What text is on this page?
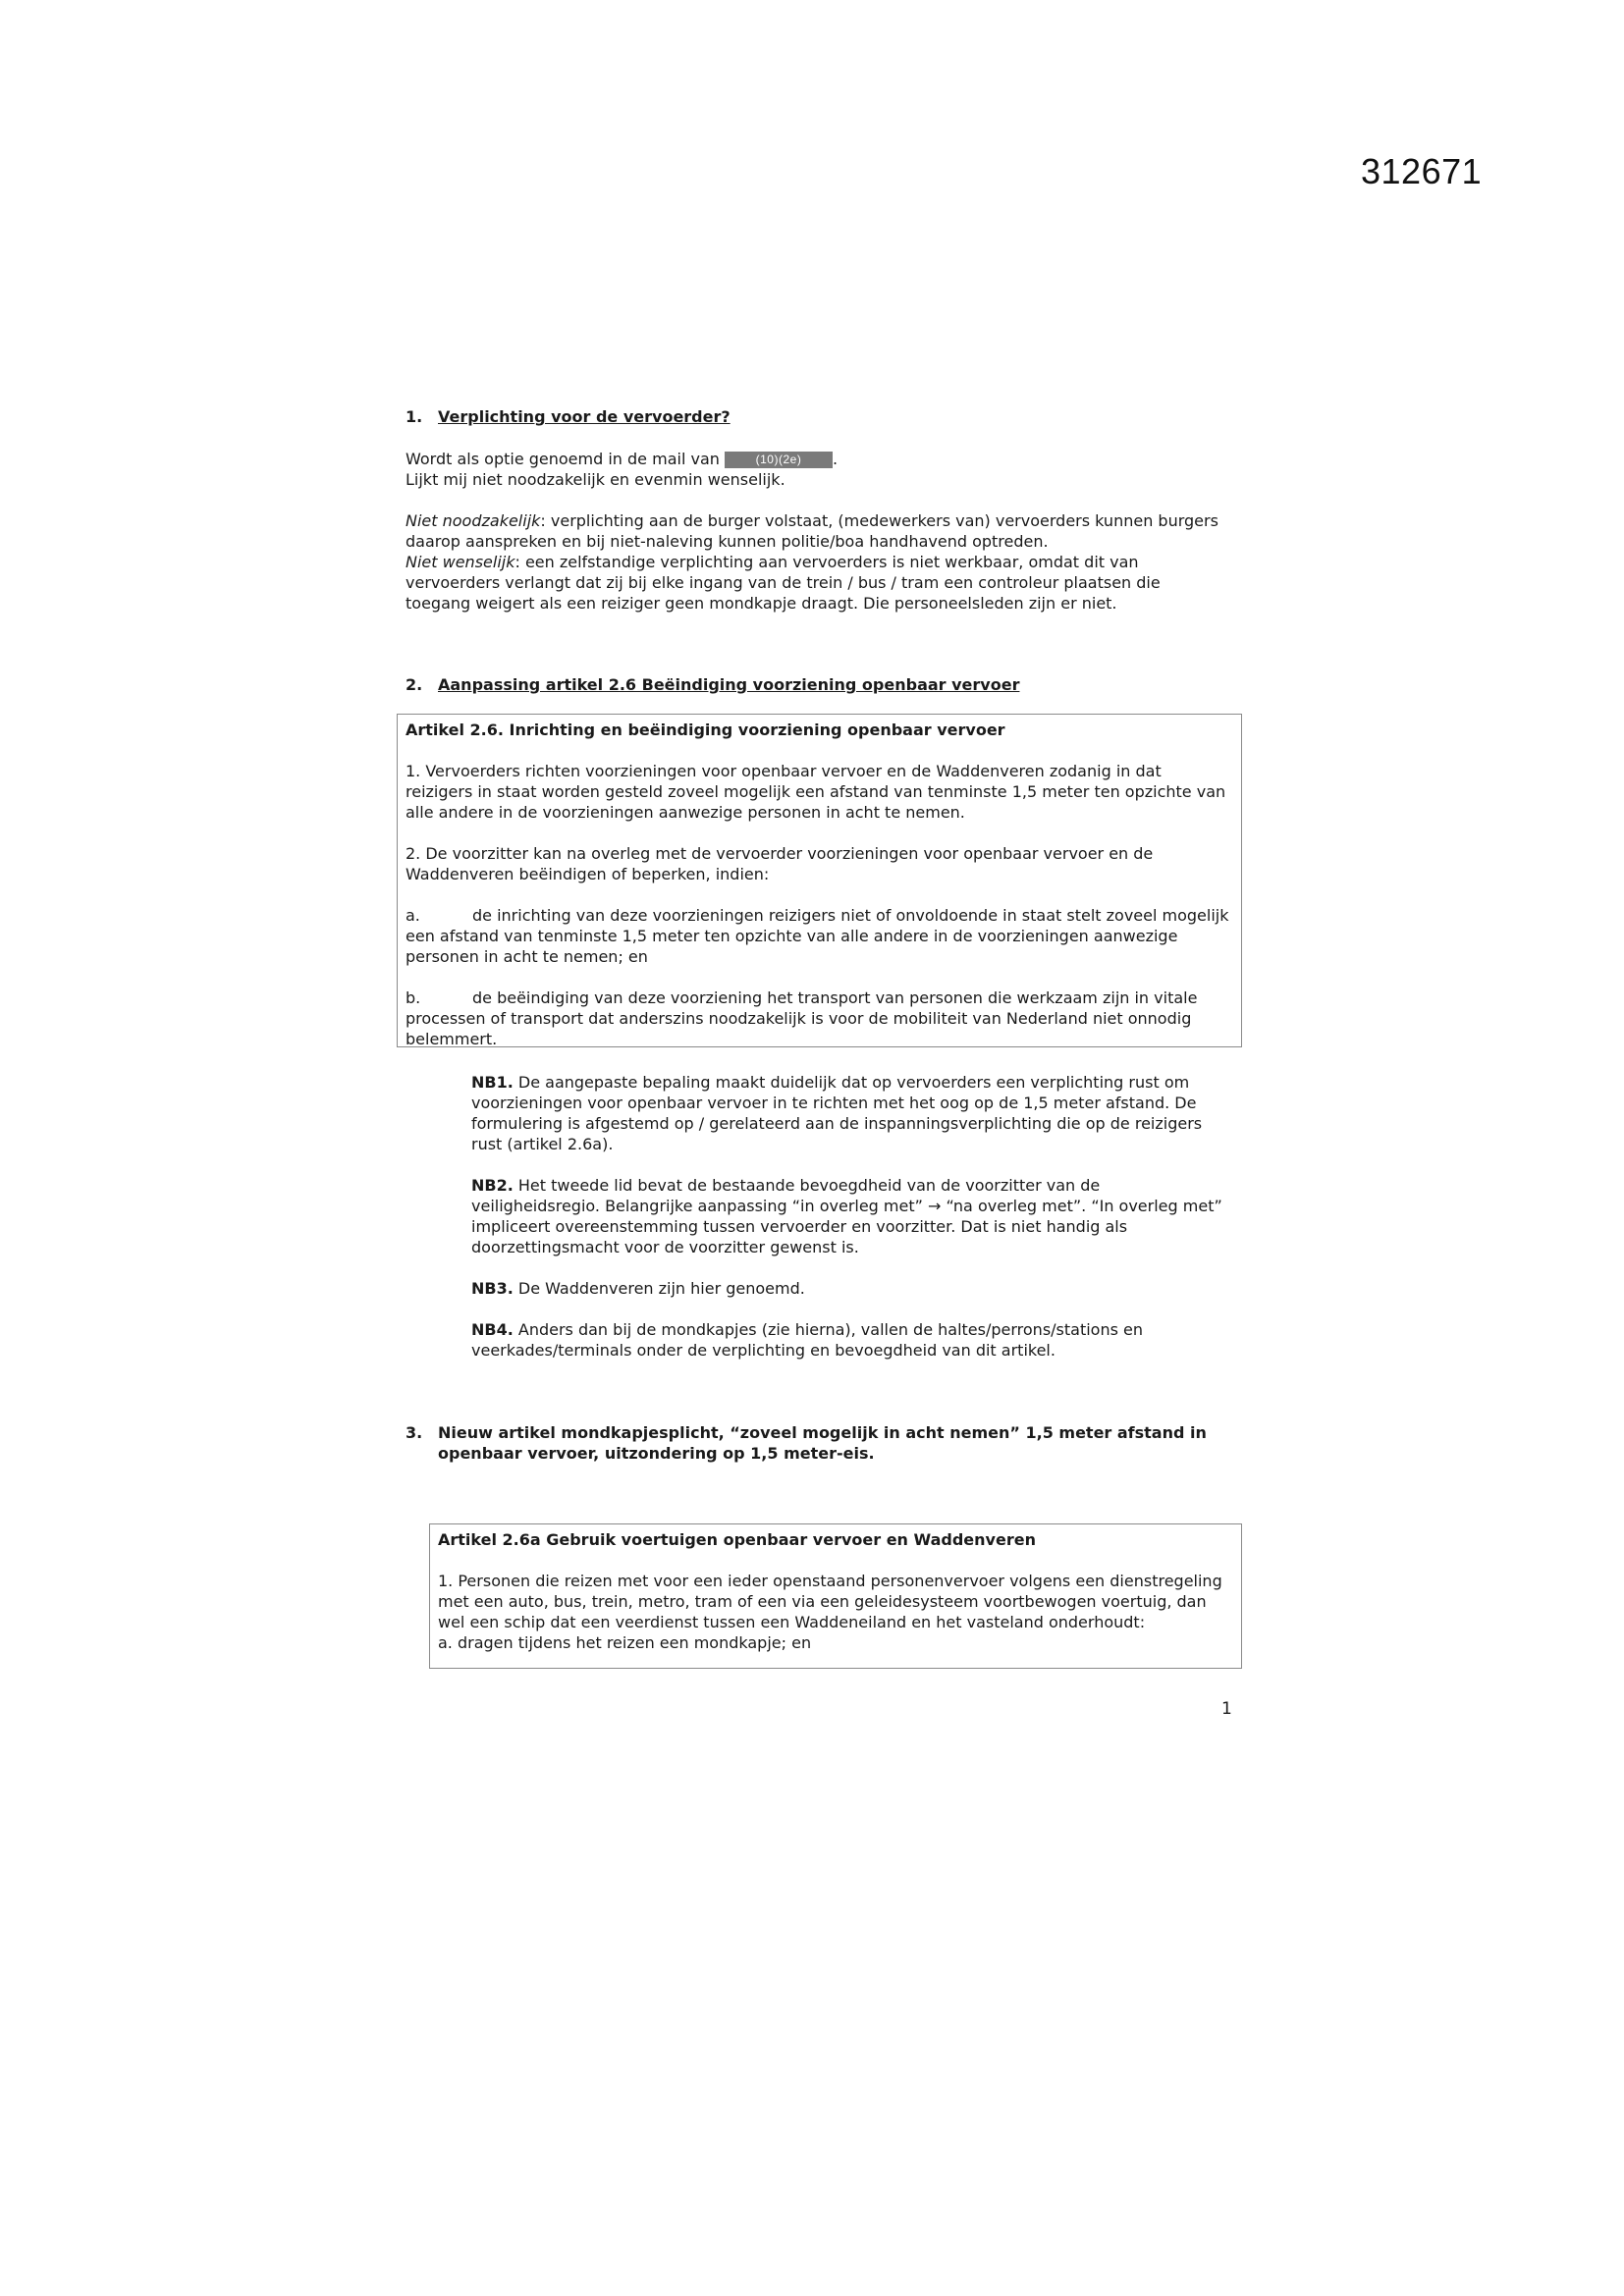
312671
1. Verplichting voor de vervoerder?

Wordt als optie genoemd in de mail van	(10)(2e) .

Lijkt mij niet noodzakelijk en evenmin wenselijk.

Niet noodzakelijk: verplichting aan de burger volstaat, (medewerkers van) vervoerders kunnen burgers daarop aanspreken en bij niet-naleving kunnen politie/boa handhavend optreden.
Niet wenselijk: een zelfstandige verplichting aan vervoerders is niet werkbaar, omdat dit van vervoerders verlangt dat zij bij elke ingang van de trein / bus / tram een controleur plaatsen die toegang weigert als een reiziger geen mondkapje draagt. Die personeelsleden zijn er niet.

2. Aanpassing artikel 2.6 Beëindiging voorziening openbaar vervoer

Artikel 2.6. Inrichting en beëindiging voorziening openbaar vervoer

1. Vervoerders richten voorzieningen voor openbaar vervoer en de Waddenveren zodanig in dat reizigers in staat worden gesteld zoveel mogelijk een afstand van tenminste 1,5 meter ten opzichte van alle andere in de voorzieningen aanwezige personen in acht te nemen.

2. De voorzitter kan na overleg met de vervoerder voorzieningen voor openbaar vervoer en de Waddenveren beëindigen of beperken, indien:

a.	de inrichting van deze voorzieningen reizigers niet of onvoldoende in staat stelt zoveel mogelijk een afstand van tenminste 1,5 meter ten opzichte van alle andere in de voorzieningen aanwezige personen in acht te nemen; en

b.	de beëindiging van deze voorziening het transport van personen die werkzaam zijn in vitale processen of transport dat anderszins noodzakelijk is voor de mobiliteit van Nederland niet onnodig belemmert.

NB1. De aangepaste bepaling maakt duidelijk dat op vervoerders een verplichting rust om voorzieningen voor openbaar vervoer in te richten met het oog op de 1,5 meter afstand. De formulering is afgestemd op / gerelateerd aan de inspanningsverplichting die op de reizigers rust (artikel 2.6a).

NB2. Het tweede lid bevat de bestaande bevoegdheid van de voorzitter van de veiligheidsregio. Belangrijke aanpassing “in overleg met” → “na overleg met”. “In overleg met” impliceert overeenstemming tussen vervoerder en voorzitter. Dat is niet handig als doorzettingsmacht voor de voorzitter gewenst is.

NB3. De Waddenveren zijn hier genoemd.

NB4. Anders dan bij de mondkapjes (zie hierna), vallen de haltes/perrons/stations en veerkades/terminals onder de verplichting en bevoegdheid van dit artikel.

3. Nieuw artikel mondkapjesplicht, “zoveel mogelijk in acht nemen” 1,5 meter afstand in openbaar vervoer, uitzondering op 1,5 meter-eis.

Artikel 2.6a Gebruik voertuigen openbaar vervoer en Waddenveren

1. Personen die reizen met voor een ieder openstaand personenvervoer volgens een dienstregeling met een auto, bus, trein, metro, tram of een via een geleidesysteem voortbewogen voertuig, dan wel een schip dat een veerdienst tussen een Waddeneiland en het vasteland onderhoudt:

a. dragen tijdens het reizen een mondkapje; en

1
